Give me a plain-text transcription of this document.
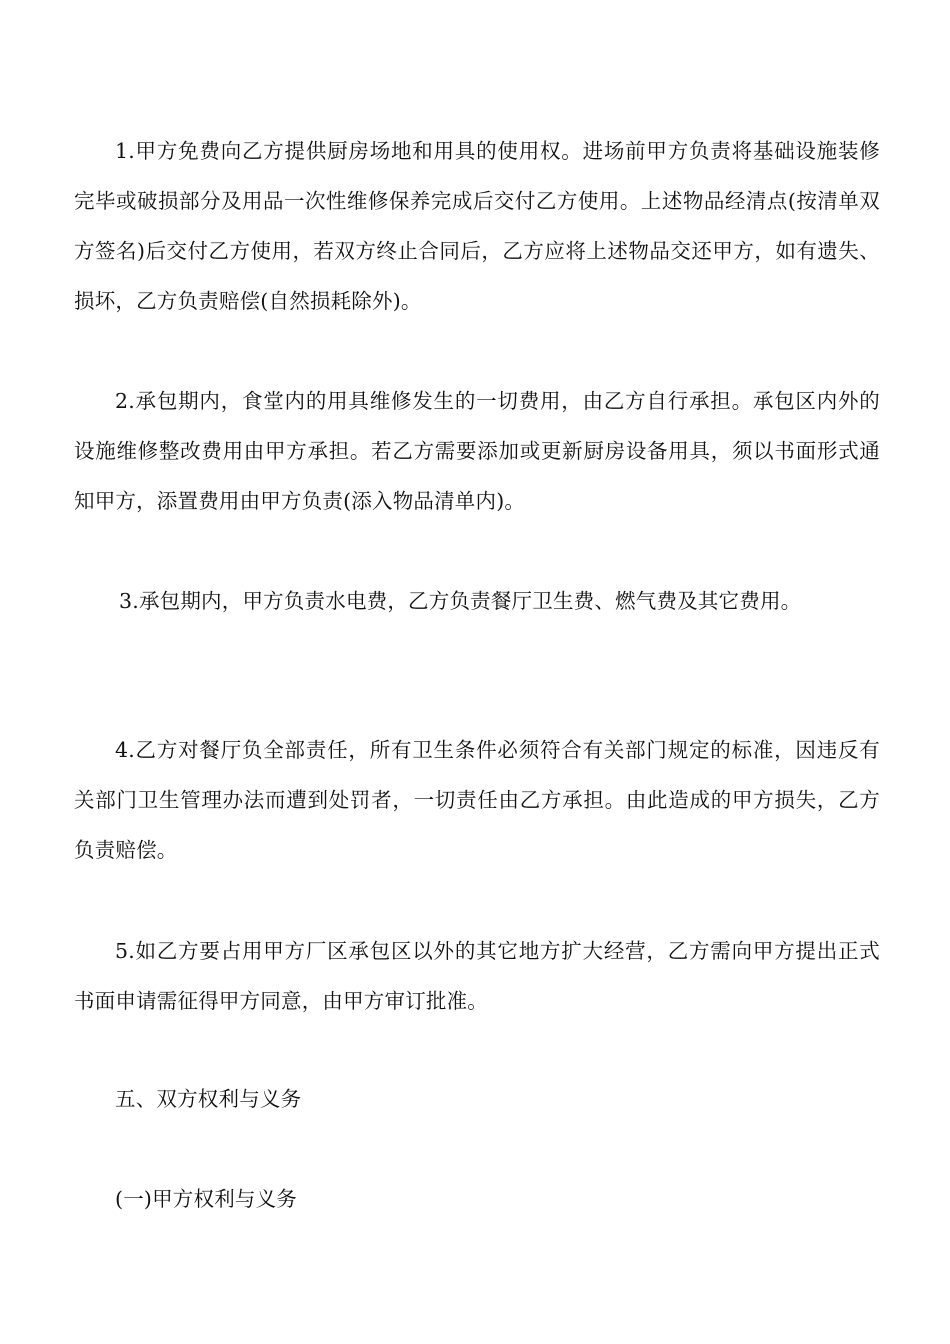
1.甲方免费向乙方提供厨房场地和用具的使用权。进场前甲方负责将基础设施装修完毕或破损部分及用品一次性维修保养完成后交付乙方使用。上述物品经清点(按清单双方签名)后交付乙方使用，若双方终止合同后，乙方应将上述物品交还甲方，如有遗失、损坏，乙方负责赔偿(自然损耗除外)。

2.承包期内，食堂内的用具维修发生的一切费用，由乙方自行承担。承包区内外的设施维修整改费用由甲方承担。若乙方需要添加或更新厨房设备用具，须以书面形式通知甲方，添置费用由甲方负责(添入物品清单内)。

3.承包期内，甲方负责水电费，乙方负责餐厅卫生费、燃气费及其它费用。

4.乙方对餐厅负全部责任，所有卫生条件必须符合有关部门规定的标准，因违反有关部门卫生管理办法而遭到处罚者，一切责任由乙方承担。由此造成的甲方损失，乙方负责赔偿。

5.如乙方要占用甲方厂区承包区以外的其它地方扩大经营，乙方需向甲方提出正式书面申请需征得甲方同意，由甲方审订批准。

五、双方权利与义务

(一)甲方权利与义务
